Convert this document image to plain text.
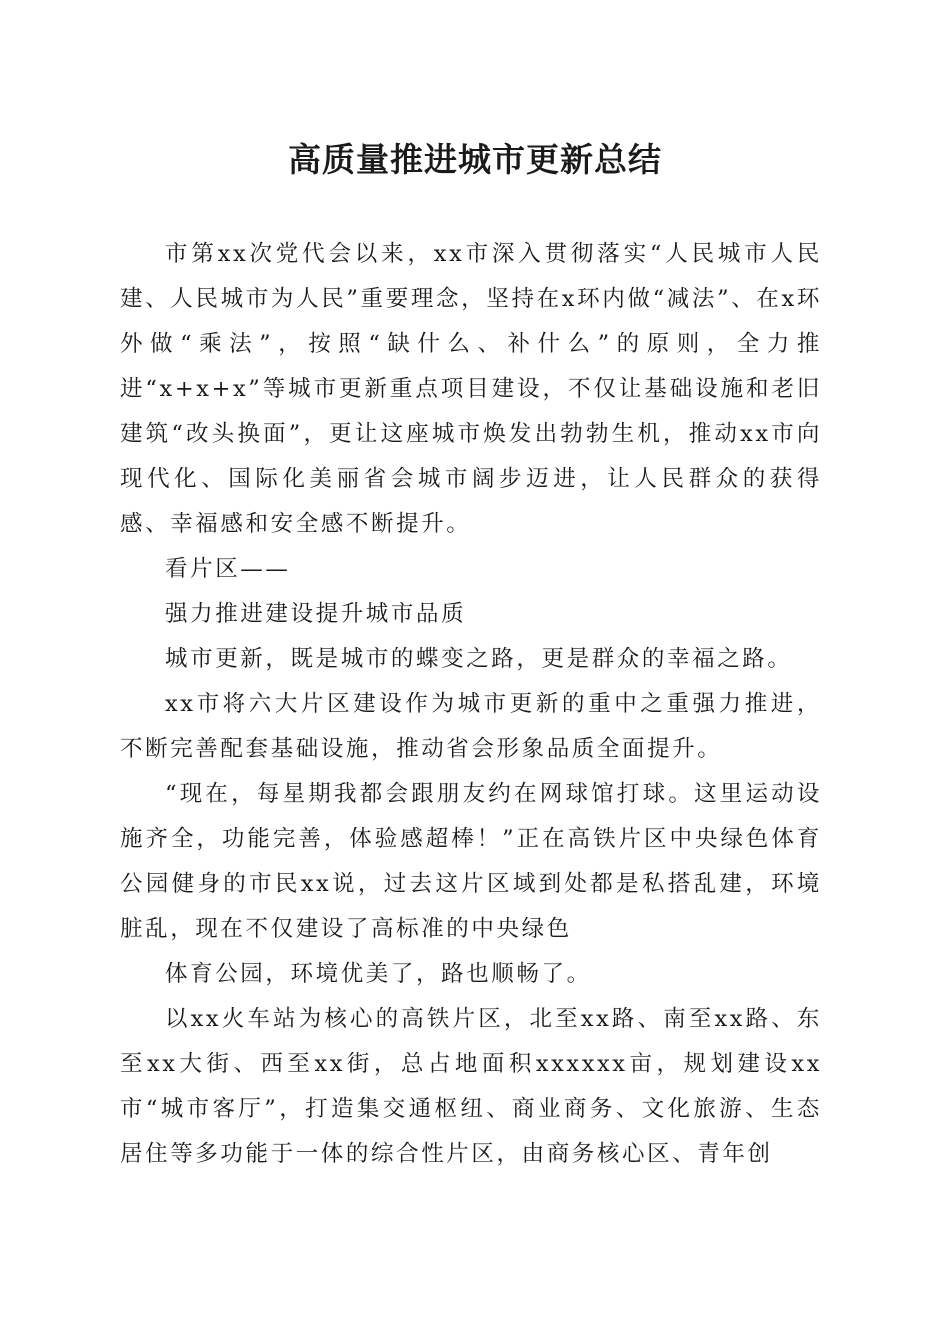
高质量推进城市更新总结

市第xx次党代会以来，xx市深入贯彻落实“人民城市人民建、人民城市为人民”重要理念，坚持在x环内做“减法”、在x环外做“乘法”，按照“缺什么、补什么”的原则，全力推进“x+x+x”等城市更新重点项目建设，不仅让基础设施和老旧建筑“改头换面”，更让这座城市焕发出勃勃生机，推动xx市向现代化、国际化美丽省会城市阔步迈进，让人民群众的获得感、幸福感和安全感不断提升。

看片区——

强力推进建设提升城市品质

城市更新，既是城市的蝶变之路，更是群众的幸福之路。

xx市将六大片区建设作为城市更新的重中之重强力推进，不断完善配套基础设施，推动省会形象品质全面提升。

“现在，每星期我都会跟朋友约在网球馆打球。这里运动设施齐全，功能完善，体验感超棒！”正在高铁片区中央绿色体育公园健身的市民xx说，过去这片区域到处都是私搭乱建，环境脏乱，现在不仅建设了高标准的中央绿色

体育公园，环境优美了，路也顺畅了。

以xx火车站为核心的高铁片区，北至xx路、南至xx路、东至xx大街、西至xx街，总占地面积xxxxxx亩，规划建设xx市“城市客厅”，打造集交通枢纽、商业商务、文化旅游、生态居住等多功能于一体的综合性片区，由商务核心区、青年创
